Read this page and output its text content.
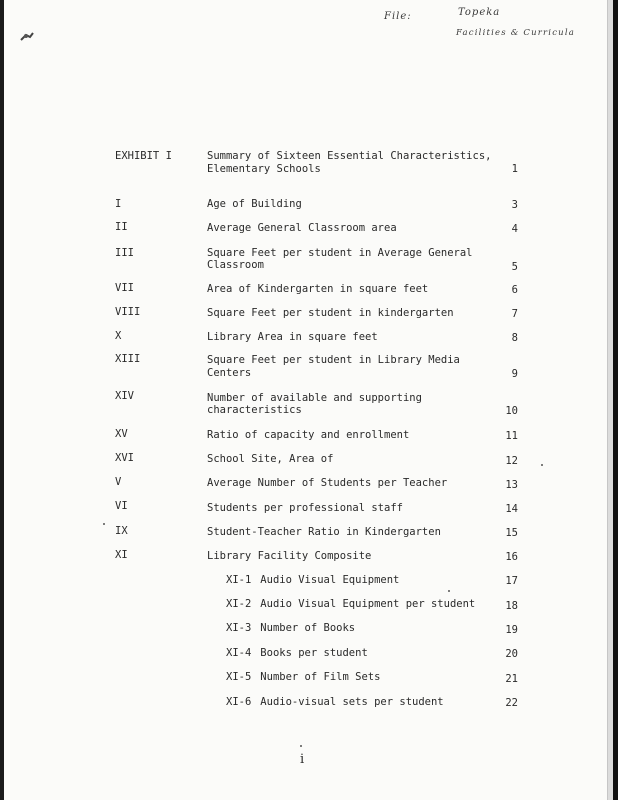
File:	Topeka
Facilities & Curricula
EXHIBIT I	Summary of Sixteen Essential Characteristics,
Elementary Schools	1
I	Age of Building	3
II	Average General Classroom area	4
III	Square Feet per student in Average General
Classroom	5
VII	Area of Kindergarten in square feet	6
VIII	Square Feet per student in kindergarten	7
X	Library Area in square feet	8
XIII	Square Feet per student in Library Media
Centers	9
XIV	Number of available and supporting
characteristics	10
XV	Ratio of capacity and enrollment	11
XVI	School Site, Area of	12
V	Average Number of Students per Teacher	13
VI	Students per professional staff	14
IX	Student-Teacher Ratio in Kindergarten	15
XI	Library Facility Composite	16
XI-1 Audio Visual Equipment	17
XI-2 Audio Visual Equipment per student	18
XI-3 Number of Books	19
XI-4 Books per student	20
XI-5 Number of Film Sets	21
XI-6 Audio-visual sets per student	22
i
